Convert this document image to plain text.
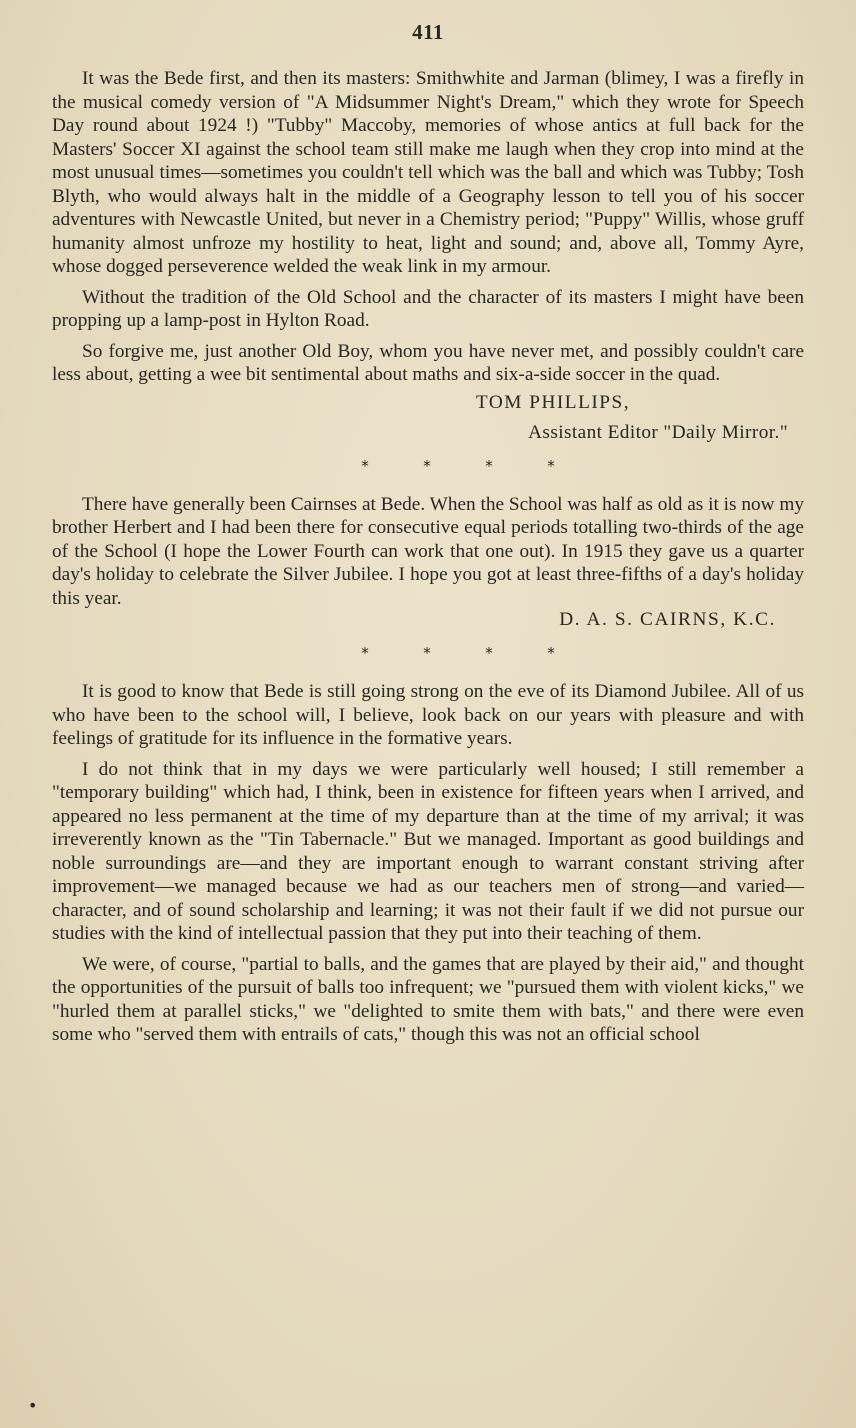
411

It was the Bede first, and then its masters: Smithwhite and Jarman (blimey, I was a firefly in the musical comedy version of "A Midsummer Night's Dream," which they wrote for Speech Day round about 1924 !) "Tubby" Maccoby, memories of whose antics at full back for the Masters' Soccer XI against the school team still make me laugh when they crop into mind at the most unusual times—sometimes you couldn't tell which was the ball and which was Tubby; Tosh Blyth, who would always halt in the middle of a Geography lesson to tell you of his soccer adventures with Newcastle United, but never in a Chemistry period; "Puppy" Willis, whose gruff humanity almost unfroze my hostility to heat, light and sound; and, above all, Tommy Ayre, whose dogged perseverence welded the weak link in my armour.

Without the tradition of the Old School and the character of its masters I might have been propping up a lamp-post in Hylton Road.

So forgive me, just another Old Boy, whom you have never met, and possibly couldn't care less about, getting a wee bit sentimental about maths and six-a-side soccer in the quad.

TOM PHILLIPS,
Assistant Editor "Daily Mirror."
*	*	*	*

There have generally been Cairnses at Bede. When the School was half as old as it is now my brother Herbert and I had been there for consecutive equal periods totalling two-thirds of the age of the School (I hope the Lower Fourth can work that one out). In 1915 they gave us a quarter day's holiday to celebrate the Silver Jubilee. I hope you got at least three-fifths of a day's holiday this year.

D. A. S. CAIRNS, K.C.
*	*	*	*

It is good to know that Bede is still going strong on the eve of its Diamond Jubilee. All of us who have been to the school will, I believe, look back on our years with pleasure and with feelings of gratitude for its influence in the formative years.

I do not think that in my days we were particularly well housed; I still remember a "temporary building" which had, I think, been in existence for fifteen years when I arrived, and appeared no less permanent at the time of my departure than at the time of my arrival; it was irreverently known as the "Tin Tabernacle." But we managed. Important as good buildings and noble surroundings are—and they are important enough to warrant constant striving after improvement—we managed because we had as our teachers men of strong—and varied—character, and of sound scholarship and learning; it was not their fault if we did not pursue our studies with the kind of intellectual passion that they put into their teaching of them.

We were, of course, "partial to balls, and the games that are played by their aid," and thought the opportunities of the pursuit of balls too infrequent; we "pursued them with violent kicks," we "hurled them at parallel sticks," we "delighted to smite them with bats," and there were even some who "served them with entrails of cats," though this was not an official school

•
